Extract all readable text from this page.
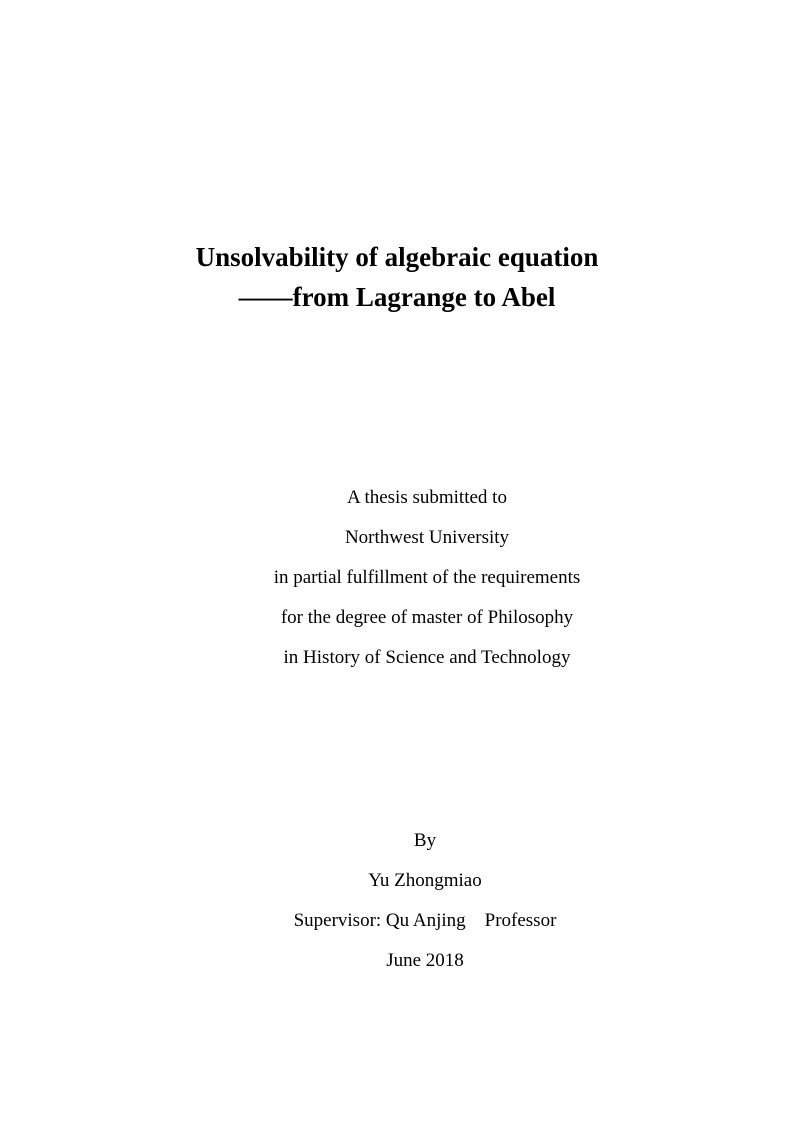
Unsolvability of algebraic equation
——from Lagrange to Abel
A thesis submitted to
Northwest University
in partial fulfillment of the requirements
for the degree of master of Philosophy
in History of Science and Technology
By
Yu Zhongmiao
Supervisor: Qu Anjing    Professor
June 2018
